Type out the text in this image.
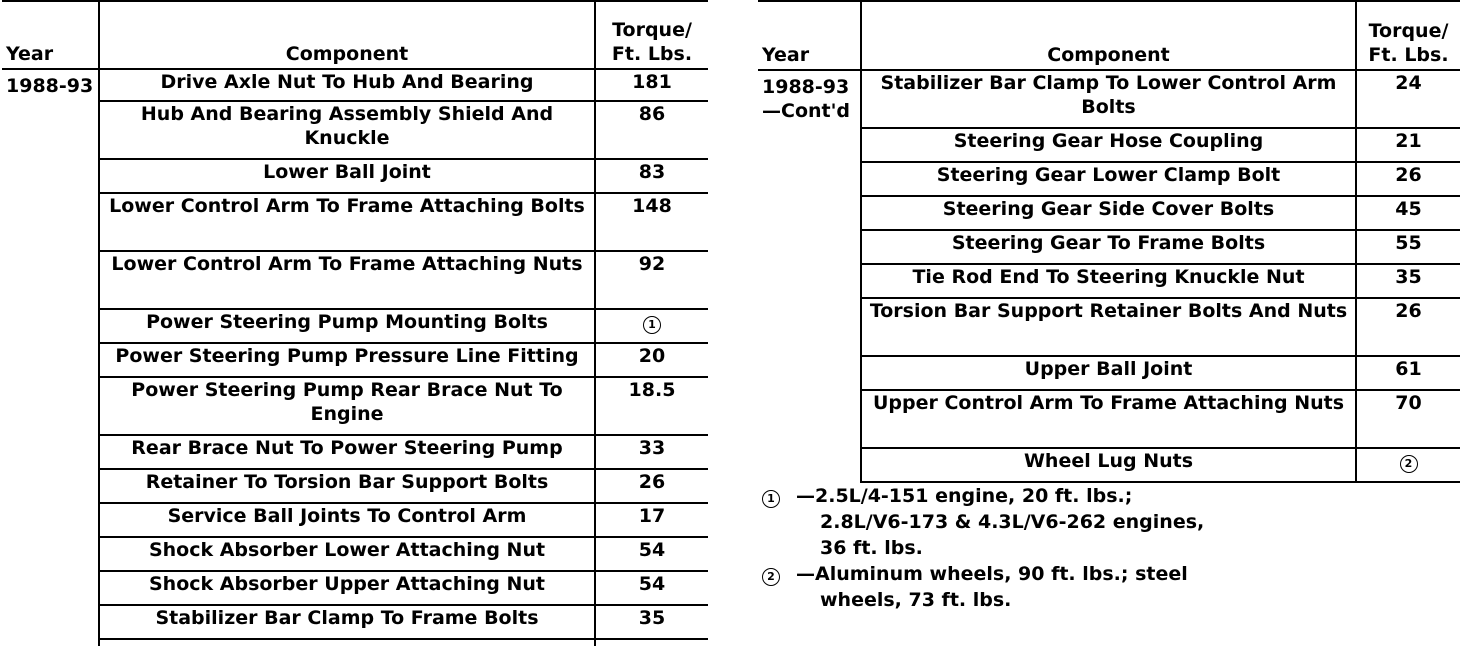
Year	Component	Torque/
Ft. Lbs.
1988-93	Drive Axle Nut To Hub And Bearing	181
	Hub And Bearing Assembly Shield And Knuckle	86
	Lower Ball Joint	83
	Lower Control Arm To Frame Attaching Bolts	148
	Lower Control Arm To Frame Attaching Nuts	92
	Power Steering Pump Mounting Bolts	1
	Power Steering Pump Pressure Line Fitting	20
	Power Steering Pump Rear Brace Nut To Engine	18.5
	Rear Brace Nut To Power Steering Pump	33
	Retainer To Torsion Bar Support Bolts	26
	Service Ball Joints To Control Arm	17
	Shock Absorber Lower Attaching Nut	54
	Shock Absorber Upper Attaching Nut	54
	Stabilizer Bar Clamp To Frame Bolts	35

Year	Component	Torque/
Ft. Lbs.
1988-93
—Cont'd	Stabilizer Bar Clamp To Lower Control Arm Bolts	24
	Steering Gear Hose Coupling	21
	Steering Gear Lower Clamp Bolt	26
	Steering Gear Side Cover Bolts	45
	Steering Gear To Frame Bolts	55
	Tie Rod End To Steering Knuckle Nut	35
	Torsion Bar Support Retainer Bolts And Nuts	26
	Upper Ball Joint	61
	Upper Control Arm To Frame Attaching Nuts	70
	Wheel Lug Nuts	2
1	—2.5L/4-151 engine, 20 ft. lbs.;
2.8L/V6-173 & 4.3L/V6-262 engines,
36 ft. lbs.
2	—Aluminum wheels, 90 ft. lbs.; steel
wheels, 73 ft. lbs.
